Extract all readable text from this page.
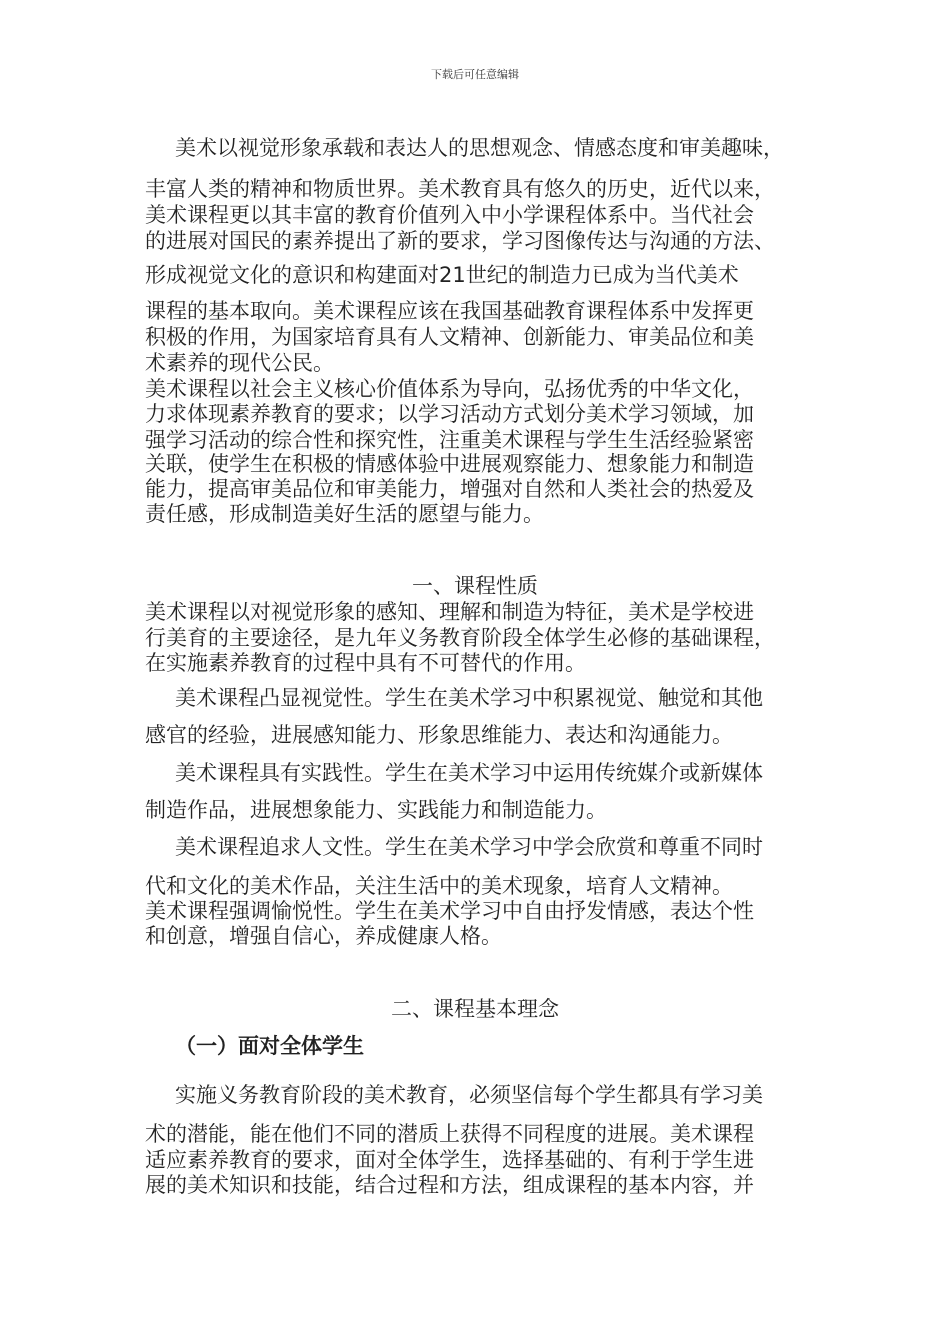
下载后可任意编辑
美术以视觉形象承载和表达人的思想观念、情感态度和审美趣味，
丰富人类的精神和物质世界。美术教育具有悠久的历史，近代以来，
美术课程更以其丰富的教育价值列入中小学课程体系中。当代社会
的进展对国民的素养提出了新的要求，学习图像传达与沟通的方法、
形成视觉文化的意识和构建面对21世纪的制造力已成为当代美术
课程的基本取向。美术课程应该在我国基础教育课程体系中发挥更
积极的作用，为国家培育具有人文精神、创新能力、审美品位和美
术素养的现代公民。
美术课程以社会主义核心价值体系为导向，弘扬优秀的中华文化，
力求体现素养教育的要求；以学习活动方式划分美术学习领域，加
强学习活动的综合性和探究性，注重美术课程与学生生活经验紧密
关联，使学生在积极的情感体验中进展观察能力、想象能力和制造
能力，提高审美品位和审美能力，增强对自然和人类社会的热爱及
责任感，形成制造美好生活的愿望与能力。
一、课程性质
美术课程以对视觉形象的感知、理解和制造为特征，美术是学校进
行美育的主要途径，是九年义务教育阶段全体学生必修的基础课程，
在实施素养教育的过程中具有不可替代的作用。
美术课程凸显视觉性。学生在美术学习中积累视觉、触觉和其他
感官的经验，进展感知能力、形象思维能力、表达和沟通能力。
美术课程具有实践性。学生在美术学习中运用传统媒介或新媒体
制造作品，进展想象能力、实践能力和制造能力。
美术课程追求人文性。学生在美术学习中学会欣赏和尊重不同时
代和文化的美术作品，关注生活中的美术现象，培育人文精神。
美术课程强调愉悦性。学生在美术学习中自由抒发情感，表达个性
和创意，增强自信心，养成健康人格。
二、课程基本理念
（一）面对全体学生
实施义务教育阶段的美术教育，必须坚信每个学生都具有学习美
术的潜能，能在他们不同的潜质上获得不同程度的进展。美术课程
适应素养教育的要求，面对全体学生，选择基础的、有利于学生进
展的美术知识和技能，结合过程和方法，组成课程的基本内容，并
